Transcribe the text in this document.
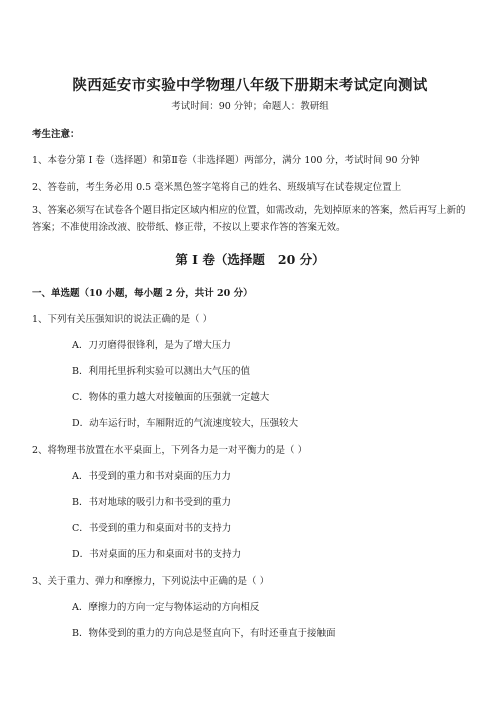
陕西延安市实验中学物理八年级下册期末考试定向测试
考试时间：90 分钟；命题人：教研组
考生注意：
1、本卷分第 I 卷（选择题）和第Ⅱ卷（非选择题）两部分，满分 100 分，考试时间 90 分钟
2、答卷前，考生务必用 0.5 毫米黑色签字笔将自己的姓名、班级填写在试卷规定位置上
3、答案必须写在试卷各个题目指定区域内相应的位置，如需改动，先划掉原来的答案，然后再写上新的答案；不准使用涂改液、胶带纸、修正带，不按以上要求作答的答案无效。
第 I 卷（选择题   20 分）
一、单选题（10 小题，每小题 2 分，共计 20 分）
1、下列有关压强知识的说法正确的是（ ）
A．刀刃磨得很锋利，是为了增大压力
B．利用托里拆利实验可以测出大气压的值
C．物体的重力越大对接触面的压强就一定越大
D．动车运行时，车厢附近的气流速度较大，压强较大
2、将物理书放置在水平桌面上，下列各力是一对平衡力的是（ ）
A．书受到的重力和书对桌面的压力力
B．书对地球的吸引力和书受到的重力
C．书受到的重力和桌面对书的支持力
D．书对桌面的压力和桌面对书的支持力
3、关于重力、弹力和摩擦力，下列说法中正确的是（ ）
A．摩擦力的方向一定与物体运动的方向相反
B．物体受到的重力的方向总是竖直向下，有时还垂直于接触面
